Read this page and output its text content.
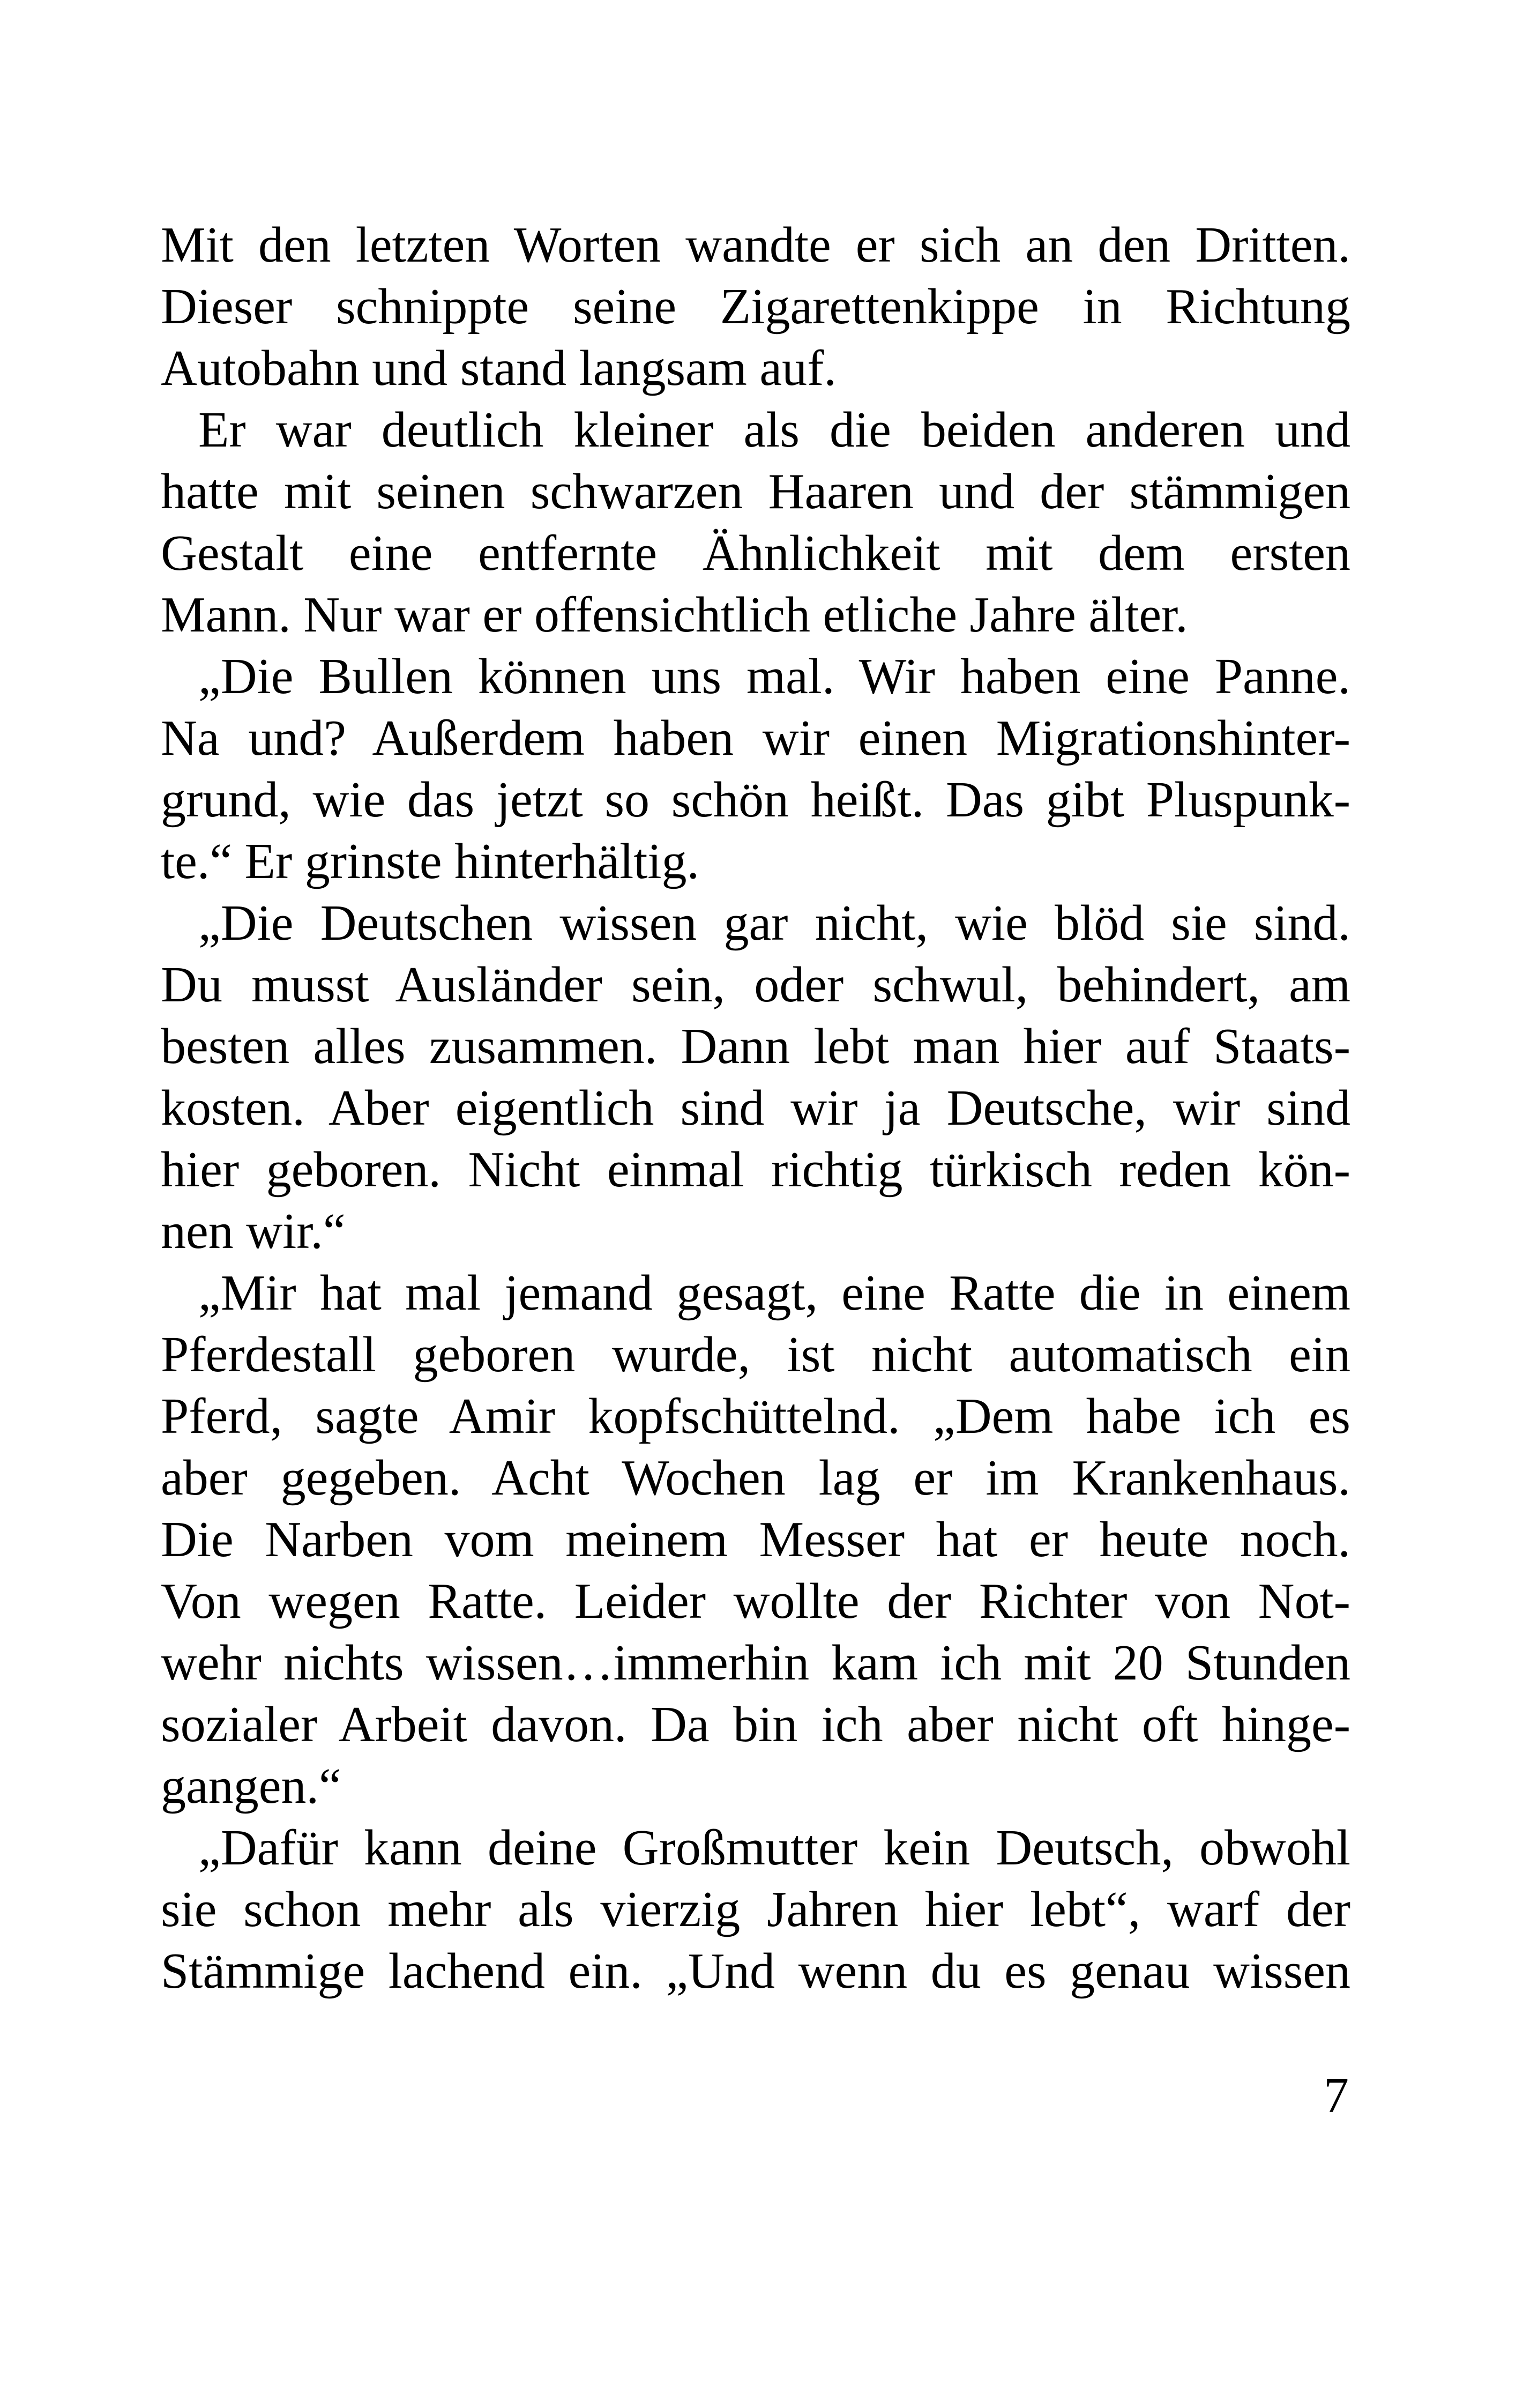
Mit den letzten Worten wandte er sich an den Dritten.
Dieser schnippte seine Zigarettenkippe in Richtung
Autobahn und stand langsam auf.
Er war deutlich kleiner als die beiden anderen und
hatte mit seinen schwarzen Haaren und der stämmigen
Gestalt eine entfernte Ähnlichkeit mit dem ersten
Mann. Nur war er offensichtlich etliche Jahre älter.
„Die Bullen können uns mal. Wir haben eine Panne.
Na und? Außerdem haben wir einen Migrationshinter-
grund, wie das jetzt so schön heißt. Das gibt Pluspunk-
te.“ Er grinste hinterhältig.
„Die Deutschen wissen gar nicht, wie blöd sie sind.
Du musst Ausländer sein, oder schwul, behindert, am
besten alles zusammen. Dann lebt man hier auf Staats-
kosten. Aber eigentlich sind wir ja Deutsche, wir sind
hier geboren. Nicht einmal richtig türkisch reden kön-
nen wir.“
„Mir hat mal jemand gesagt, eine Ratte die in einem
Pferdestall geboren wurde, ist nicht automatisch ein
Pferd, sagte Amir kopfschüttelnd. „Dem habe ich es
aber gegeben. Acht Wochen lag er im Krankenhaus.
Die Narben vom meinem Messer hat er heute noch.
Von wegen Ratte. Leider wollte der Richter von Not-
wehr nichts wissen…immerhin kam ich mit 20 Stunden
sozialer Arbeit davon. Da bin ich aber nicht oft hinge-
gangen.“
„Dafür kann deine Großmutter kein Deutsch, obwohl
sie schon mehr als vierzig Jahren hier lebt“, warf der
Stämmige lachend ein. „Und wenn du es genau wissen
7
